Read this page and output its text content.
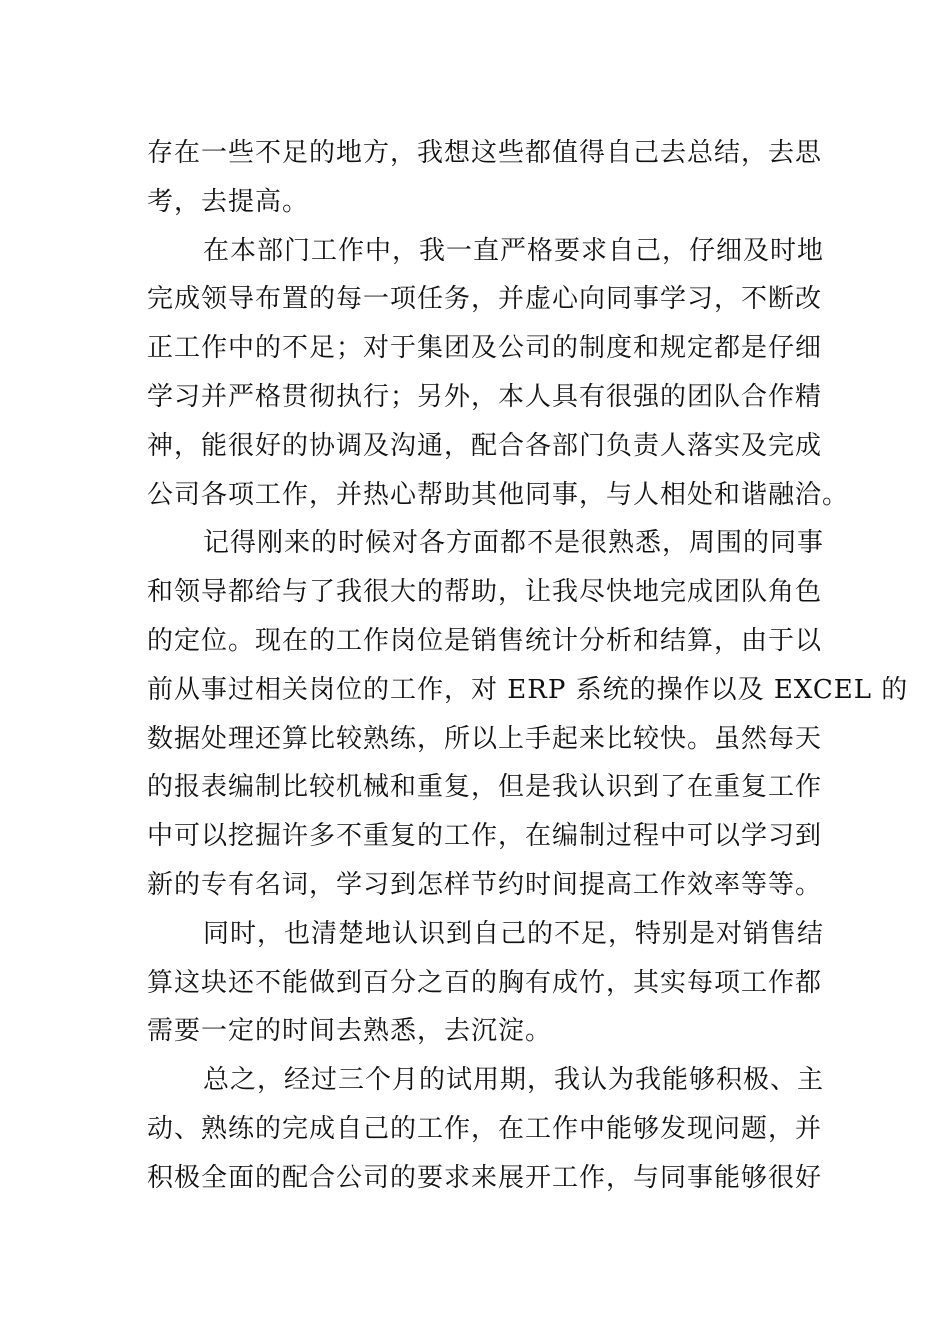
存在一些不足的地方，我想这些都值得自己去总结，去思
考，去提高。
在本部门工作中，我一直严格要求自己，仔细及时地
完成领导布置的每一项任务，并虚心向同事学习，不断改
正工作中的不足；对于集团及公司的制度和规定都是仔细
学习并严格贯彻执行；另外，本人具有很强的团队合作精
神，能很好的协调及沟通，配合各部门负责人落实及完成
公司各项工作，并热心帮助其他同事，与人相处和谐融洽。
记得刚来的时候对各方面都不是很熟悉，周围的同事
和领导都给与了我很大的帮助，让我尽快地完成团队角色
的定位。现在的工作岗位是销售统计分析和结算，由于以
前从事过相关岗位的工作，对 ERP 系统的操作以及 EXCEL 的
数据处理还算比较熟练，所以上手起来比较快。虽然每天
的报表编制比较机械和重复，但是我认识到了在重复工作
中可以挖掘许多不重复的工作，在编制过程中可以学习到
新的专有名词，学习到怎样节约时间提高工作效率等等。
同时，也清楚地认识到自己的不足，特别是对销售结
算这块还不能做到百分之百的胸有成竹，其实每项工作都
需要一定的时间去熟悉，去沉淀。
总之，经过三个月的试用期，我认为我能够积极、主
动、熟练的完成自己的工作，在工作中能够发现问题，并
积极全面的配合公司的要求来展开工作，与同事能够很好
